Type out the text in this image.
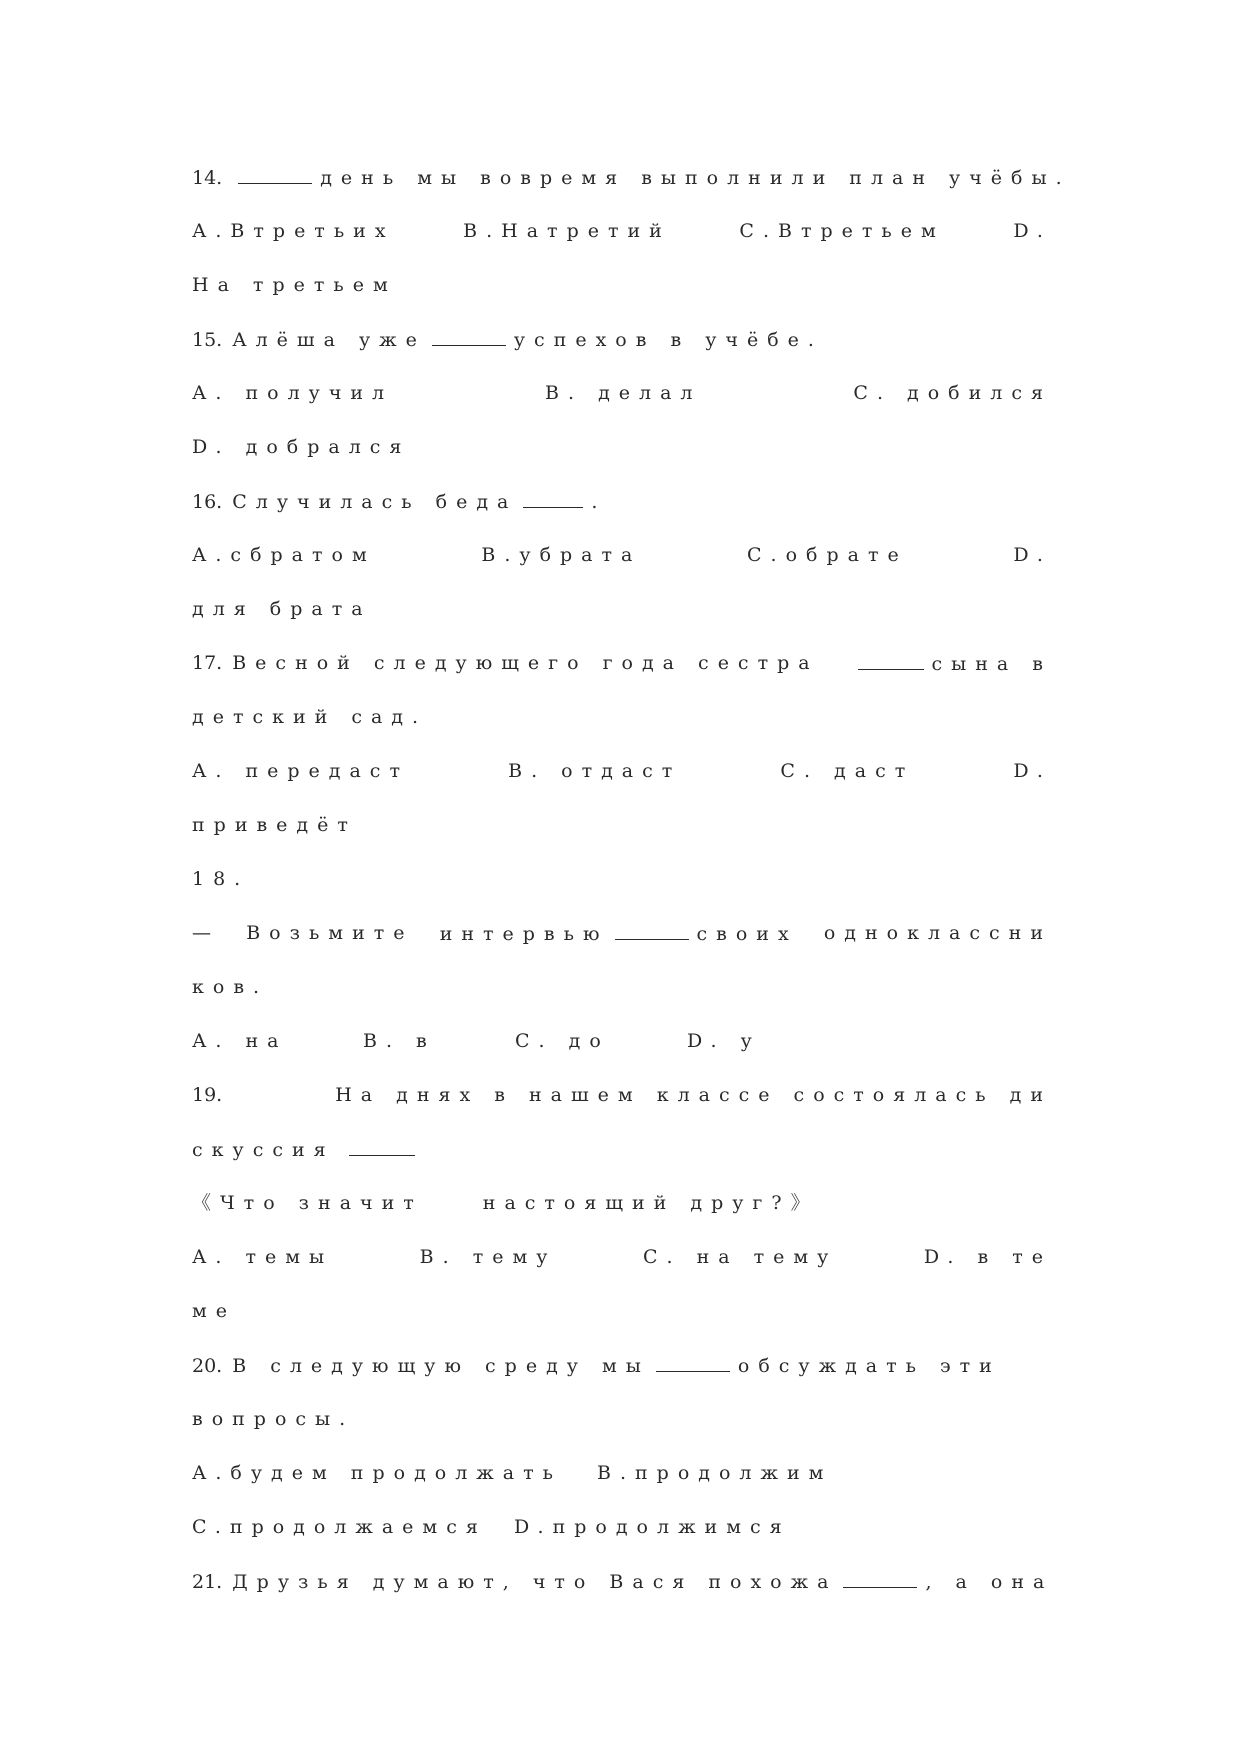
14.	день мы вовремя выполнили план учёбы.
А.Втретьих	В.Натретий	С.Втретьем	D.
На третьем
15. Алёша уже	успехов в учёбе.
А. получил	В. делал	С. добился
D. добрался
16. Случилась беда	.
А.сбратом	В.убрата	С.обрате	D.
для брата
17. Весной следующего года сестра	сына в
детский сад.
А. передаст	В. отдаст	С. даст	D.
приведёт
18.
— Возьмите интервью	своих одноклассни
ков.
А. на	В. в	С. до	D. у
19.	На днях в нашем классе состоялась ди
скуссия
《Что значит	настоящий друг?》
А. темы	В. тему	С. на тему	D. в те
ме
20. В следующую среду мы	обсуждать эти
вопросы.
А.будем продолжать B.продолжим
C.продолжаемся D.продолжимся
21. Друзья думают, что Вася похожа	, а она
